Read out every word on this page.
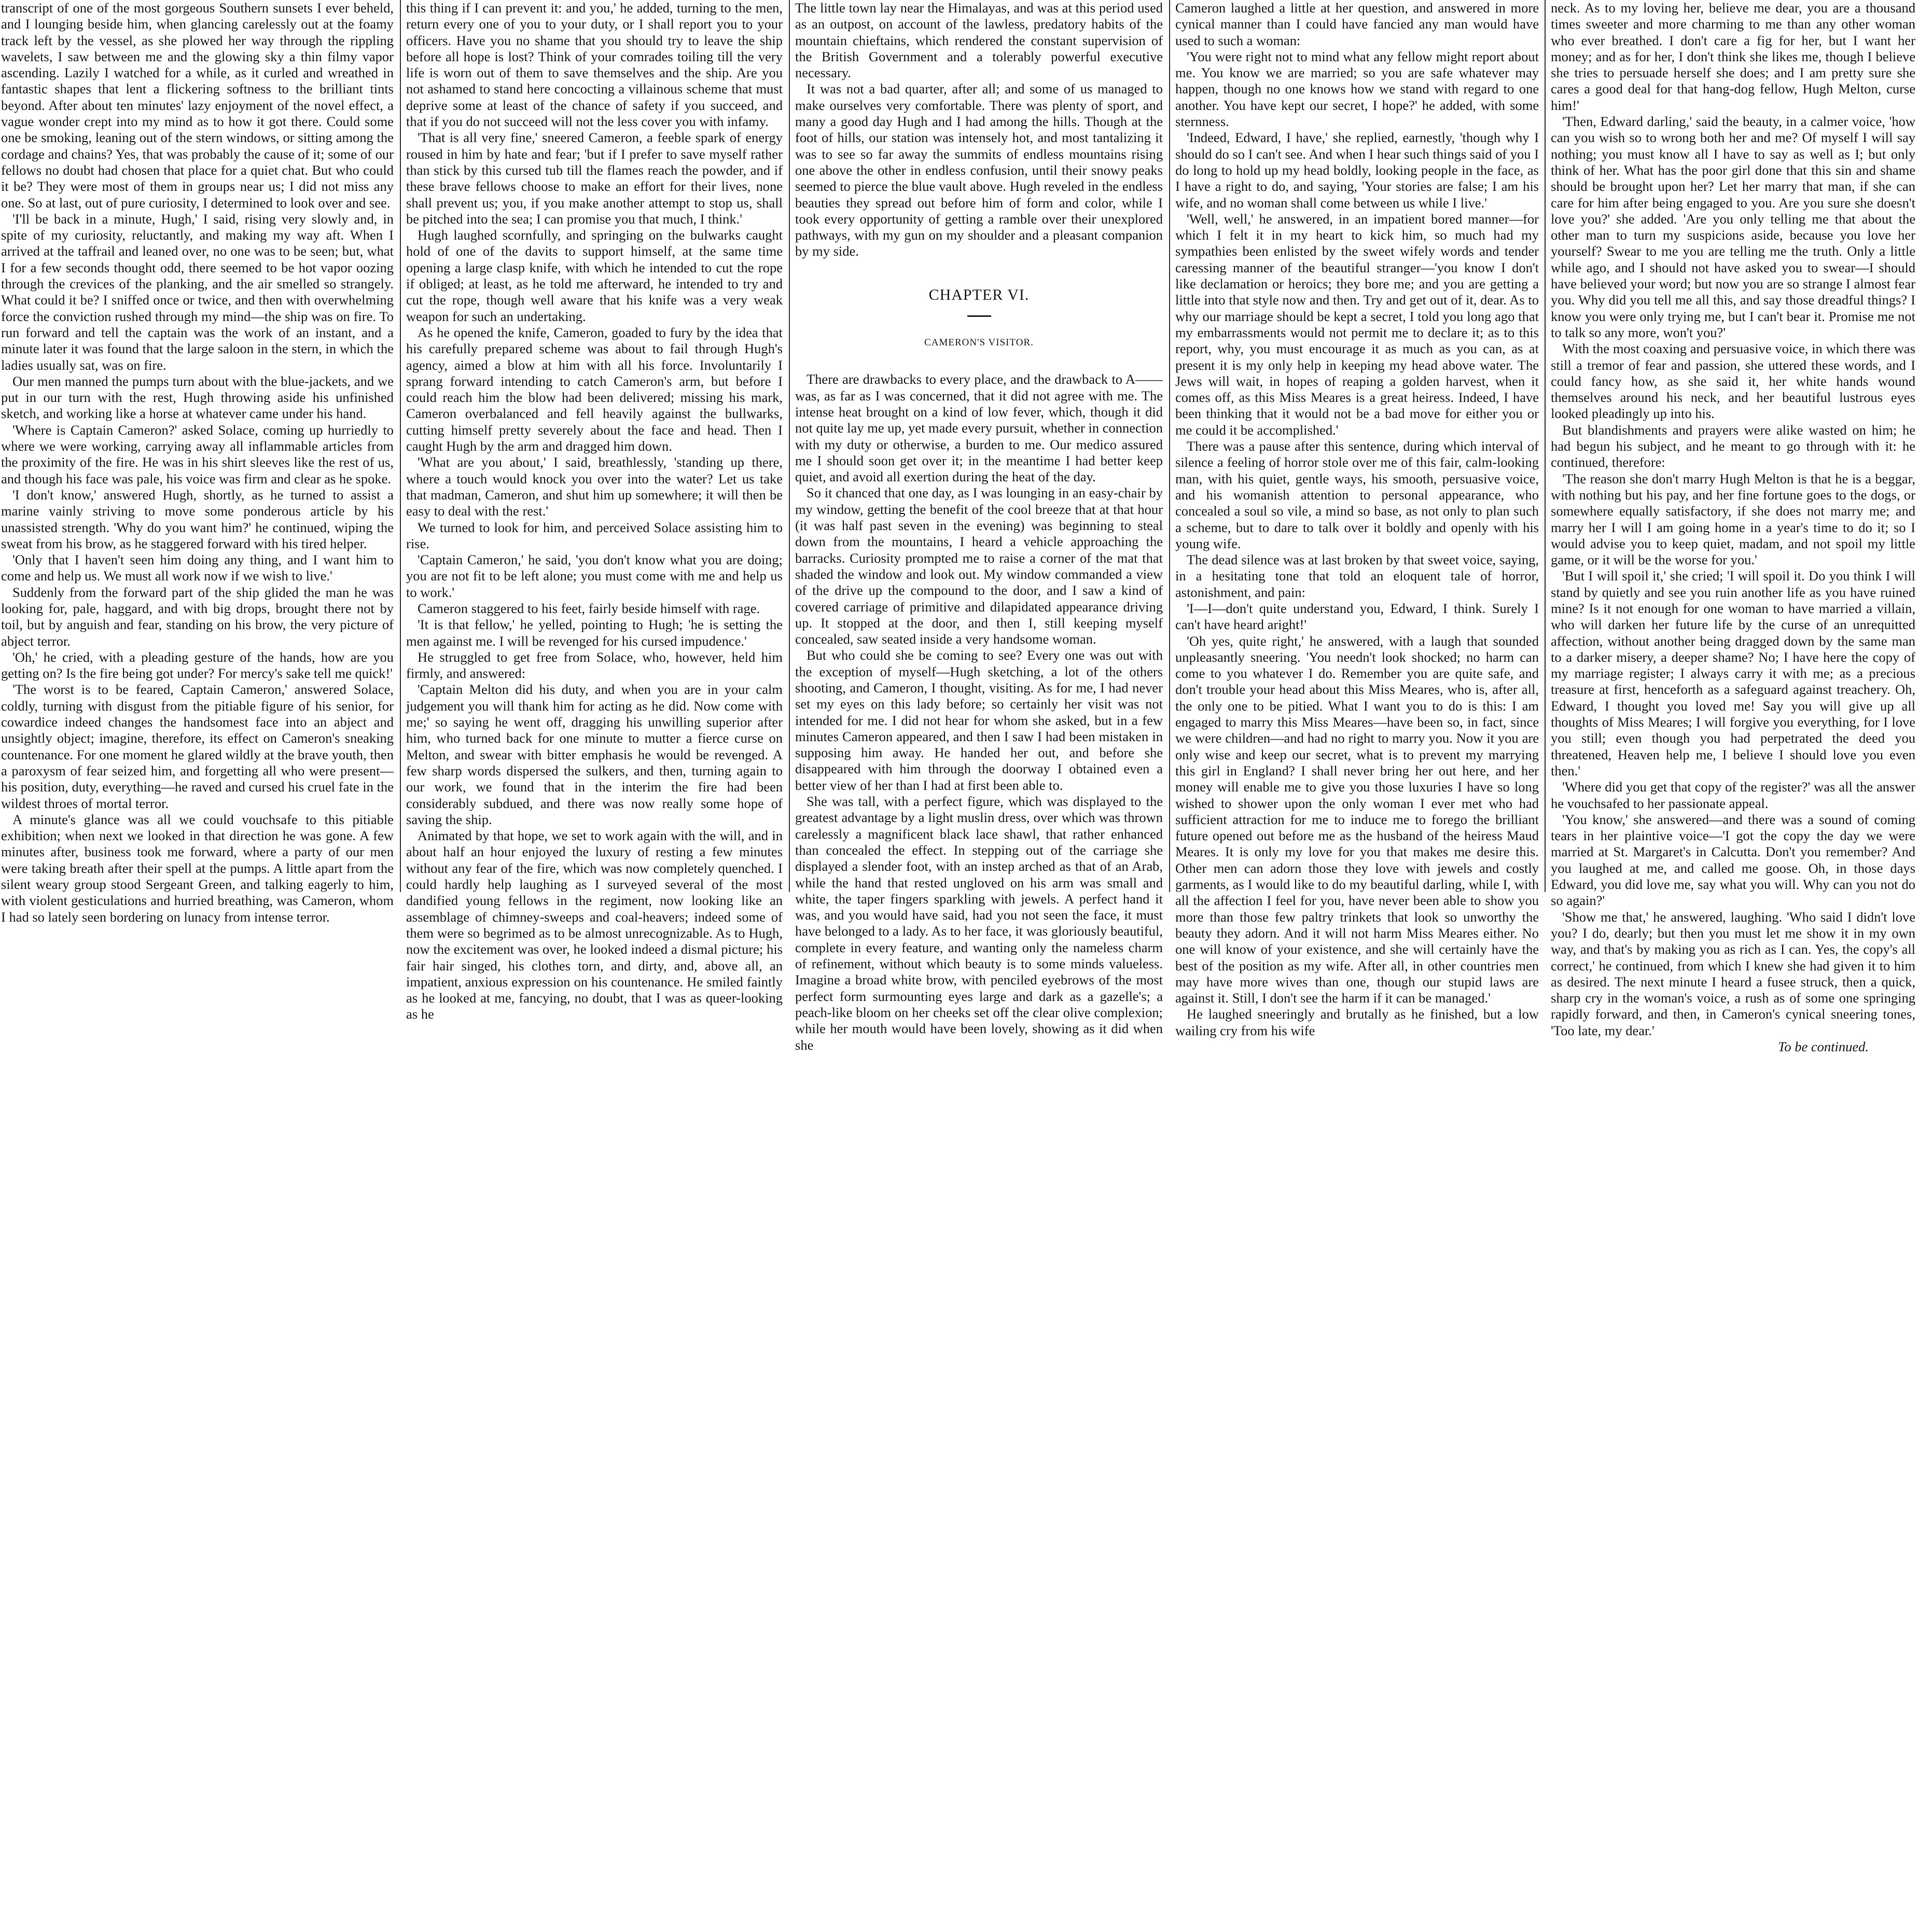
transcript of one of the most gorgeous Southern sunsets I ever beheld, and I lounging beside him, when glancing carelessly out at the foamy track left by the vessel, as she plowed her way through the rippling wavelets, I saw between me and the glowing sky a thin filmy vapor ascending. Lazily I watched for a while, as it curled and wreathed in fantastic shapes that lent a flickering softness to the brilliant tints beyond. After about ten minutes' lazy enjoyment of the novel effect, a vague wonder crept into my mind as to how it got there. Could some one be smoking, leaning out of the stern windows, or sitting among the cordage and chains? Yes, that was probably the cause of it; some of our fellows no doubt had chosen that place for a quiet chat. But who could it be? They were most of them in groups near us; I did not miss any one. So at last, out of pure curiosity, I determined to look over and see.

'I'll be back in a minute, Hugh,' I said, rising very slowly and, in spite of my curiosity, reluctantly, and making my way aft. When I arrived at the taffrail and leaned over, no one was to be seen; but, what I for a few seconds thought odd, there seemed to be hot vapor oozing through the crevices of the planking, and the air smelled so strangely. What could it be? I sniffed once or twice, and then with overwhelming force the conviction rushed through my mind—the ship was on fire. To run forward and tell the captain was the work of an instant, and a minute later it was found that the large saloon in the stern, in which the ladies usually sat, was on fire.

Our men manned the pumps turn about with the blue-jackets, and we put in our turn with the rest, Hugh throwing aside his unfinished sketch, and working like a horse at whatever came under his hand.

'Where is Captain Cameron?' asked Solace, coming up hurriedly to where we were working, carrying away all inflammable articles from the proximity of the fire. He was in his shirt sleeves like the rest of us, and though his face was pale, his voice was firm and clear as he spoke.

'I don't know,' answered Hugh, shortly, as he turned to assist a marine vainly striving to move some ponderous article by his unassisted strength. 'Why do you want him?' he continued, wiping the sweat from his brow, as he staggered forward with his tired helper.

'Only that I haven't seen him doing any thing, and I want him to come and help us. We must all work now if we wish to live.'

Suddenly from the forward part of the ship glided the man he was looking for, pale, haggard, and with big drops, brought there not by toil, but by anguish and fear, standing on his brow, the very picture of abject terror.

'Oh,' he cried, with a pleading gesture of the hands, how are you getting on? Is the fire being got under? For mercy's sake tell me quick!'

'The worst is to be feared, Captain Cameron,' answered Solace, coldly, turning with disgust from the pitiable figure of his senior, for cowardice indeed changes the handsomest face into an abject and unsightly object; imagine, therefore, its effect on Cameron's sneaking countenance. For one moment he glared wildly at the brave youth, then a paroxysm of fear seized him, and forgetting all who were present—his position, duty, everything—he raved and cursed his cruel fate in the wildest throes of mortal terror.

A minute's glance was all we could vouchsafe to this pitiable exhibition; when next we looked in that direction he was gone. A few minutes after, business took me forward, where a party of our men were taking breath after their spell at the pumps. A little apart from the silent weary group stood Sergeant Green, and talking eagerly to him, with violent gesticulations and hurried breathing, was Cameron, whom I had so lately seen bordering on lunacy from intense terror.

this thing if I can prevent it: and you,' he added, turning to the men, return every one of you to your duty, or I shall report you to your officers. Have you no shame that you should try to leave the ship before all hope is lost? Think of your comrades toiling till the very life is worn out of them to save themselves and the ship. Are you not ashamed to stand here concocting a villainous scheme that must deprive some at least of the chance of safety if you succeed, and that if you do not succeed will not the less cover you with infamy.

'That is all very fine,' sneered Cameron, a feeble spark of energy roused in him by hate and fear; 'but if I prefer to save myself rather than stick by this cursed tub till the flames reach the powder, and if these brave fellows choose to make an effort for their lives, none shall prevent us; you, if you make another attempt to stop us, shall be pitched into the sea; I can promise you that much, I think.'

Hugh laughed scornfully, and springing on the bulwarks caught hold of one of the davits to support himself, at the same time opening a large clasp knife, with which he intended to cut the rope if obliged; at least, as he told me afterward, he intended to try and cut the rope, though well aware that his knife was a very weak weapon for such an undertaking.

As he opened the knife, Cameron, goaded to fury by the idea that his carefully prepared scheme was about to fail through Hugh's agency, aimed a blow at him with all his force. Involuntarily I sprang forward intending to catch Cameron's arm, but before I could reach him the blow had been delivered; missing his mark, Cameron overbalanced and fell heavily against the bullwarks, cutting himself pretty severely about the face and head. Then I caught Hugh by the arm and dragged him down.

'What are you about,' I said, breathlessly, 'standing up there, where a touch would knock you over into the water? Let us take that madman, Cameron, and shut him up somewhere; it will then be easy to deal with the rest.'

We turned to look for him, and perceived Solace assisting him to rise.

'Captain Cameron,' he said, 'you don't know what you are doing; you are not fit to be left alone; you must come with me and help us to work.'

Cameron staggered to his feet, fairly beside himself with rage.

'It is that fellow,' he yelled, pointing to Hugh; 'he is setting the men against me. I will be revenged for his cursed impudence.'

He struggled to get free from Solace, who, however, held him firmly, and answered:

'Captain Melton did his duty, and when you are in your calm judgement you will thank him for acting as he did. Now come with me;' so saying he went off, dragging his unwilling superior after him, who turned back for one minute to mutter a fierce curse on Melton, and swear with bitter emphasis he would be revenged. A few sharp words dispersed the sulkers, and then, turning again to our work, we found that in the interim the fire had been considerably subdued, and there was now really some hope of saving the ship.

Animated by that hope, we set to work again with the will, and in about half an hour enjoyed the luxury of resting a few minutes without any fear of the fire, which was now completely quenched. I could hardly help laughing as I surveyed several of the most dandified young fellows in the regiment, now looking like an assemblage of chimney-sweeps and coal-heavers; indeed some of them were so begrimed as to be almost unrecognizable. As to Hugh, now the excitement was over, he looked indeed a dismal picture; his fair hair singed, his clothes torn, and dirty, and, above all, an impatient, anxious expression on his countenance. He smiled faintly as he looked at me, fancying, no doubt, that I was as queer-looking as he

The little town lay near the Himalayas, and was at this period used as an outpost, on account of the lawless, predatory habits of the mountain chieftains, which rendered the constant supervision of the British Government and a tolerably powerful executive necessary.

It was not a bad quarter, after all; and some of us managed to make ourselves very comfortable. There was plenty of sport, and many a good day Hugh and I had among the hills. Though at the foot of hills, our station was intensely hot, and most tantalizing it was to see so far away the summits of endless mountains rising one above the other in endless confusion, until their snowy peaks seemed to pierce the blue vault above. Hugh reveled in the endless beauties they spread out before him of form and color, while I took every opportunity of getting a ramble over their unexplored pathways, with my gun on my shoulder and a pleasant companion by my side.

CHAPTER VI.

CAMERON'S VISITOR.

There are drawbacks to every place, and the drawback to A—— was, as far as I was concerned, that it did not agree with me. The intense heat brought on a kind of low fever, which, though it did not quite lay me up, yet made every pursuit, whether in connection with my duty or otherwise, a burden to me. Our medico assured me I should soon get over it; in the meantime I had better keep quiet, and avoid all exertion during the heat of the day.

So it chanced that one day, as I was lounging in an easy-chair by my window, getting the benefit of the cool breeze that at that hour (it was half past seven in the evening) was beginning to steal down from the mountains, I heard a vehicle approaching the barracks. Curiosity prompted me to raise a corner of the mat that shaded the window and look out. My window commanded a view of the drive up the compound to the door, and I saw a kind of covered carriage of primitive and dilapidated appearance driving up. It stopped at the door, and then I, still keeping myself concealed, saw seated inside a very handsome woman.

But who could she be coming to see? Every one was out with the exception of myself—Hugh sketching, a lot of the others shooting, and Cameron, I thought, visiting. As for me, I had never set my eyes on this lady before; so certainly her visit was not intended for me. I did not hear for whom she asked, but in a few minutes Cameron appeared, and then I saw I had been mistaken in supposing him away. He handed her out, and before she disappeared with him through the doorway I obtained even a better view of her than I had at first been able to.

She was tall, with a perfect figure, which was displayed to the greatest advantage by a light muslin dress, over which was thrown carelessly a magnificent black lace shawl, that rather enhanced than concealed the effect. In stepping out of the carriage she displayed a slender foot, with an instep arched as that of an Arab, while the hand that rested ungloved on his arm was small and white, the taper fingers sparkling with jewels. A perfect hand it was, and you would have said, had you not seen the face, it must have belonged to a lady. As to her face, it was gloriously beautiful, complete in every feature, and wanting only the nameless charm of refinement, without which beauty is to some minds valueless. Imagine a broad white brow, with penciled eyebrows of the most perfect form surmounting eyes large and dark as a gazelle's; a peach-like bloom on her cheeks set off the clear olive complexion; while her mouth would have been lovely, showing as it did when she

Cameron laughed a little at her question, and answered in more cynical manner than I could have fancied any man would have used to such a woman:

'You were right not to mind what any fellow might report about me. You know we are married; so you are safe whatever may happen, though no one knows how we stand with regard to one another. You have kept our secret, I hope?' he added, with some sternness.

'Indeed, Edward, I have,' she replied, earnestly, 'though why I should do so I can't see. And when I hear such things said of you I do long to hold up my head boldly, looking people in the face, as I have a right to do, and saying, 'Your stories are false; I am his wife, and no woman shall come between us while I live.'

'Well, well,' he answered, in an impatient bored manner—for which I felt it in my heart to kick him, so much had my sympathies been enlisted by the sweet wifely words and tender caressing manner of the beautiful stranger—'you know I don't like declamation or heroics; they bore me; and you are getting a little into that style now and then. Try and get out of it, dear. As to why our marriage should be kept a secret, I told you long ago that my embarrassments would not permit me to declare it; as to this report, why, you must encourage it as much as you can, as at present it is my only help in keeping my head above water. The Jews will wait, in hopes of reaping a golden harvest, when it comes off, as this Miss Meares is a great heiress. Indeed, I have been thinking that it would not be a bad move for either you or me could it be accomplished.'

There was a pause after this sentence, during which interval of silence a feeling of horror stole over me of this fair, calm-looking man, with his quiet, gentle ways, his smooth, persuasive voice, and his womanish attention to personal appearance, who concealed a soul so vile, a mind so base, as not only to plan such a scheme, but to dare to talk over it boldly and openly with his young wife.

The dead silence was at last broken by that sweet voice, saying, in a hesitating tone that told an eloquent tale of horror, astonishment, and pain:

'I—I—don't quite understand you, Edward, I think. Surely I can't have heard aright!'

'Oh yes, quite right,' he answered, with a laugh that sounded unpleasantly sneering. 'You needn't look shocked; no harm can come to you whatever I do. Remember you are quite safe, and don't trouble your head about this Miss Meares, who is, after all, the only one to be pitied. What I want you to do is this: I am engaged to marry this Miss Meares—have been so, in fact, since we were children—and had no right to marry you. Now it you are only wise and keep our secret, what is to prevent my marrying this girl in England? I shall never bring her out here, and her money will enable me to give you those luxuries I have so long wished to shower upon the only woman I ever met who had sufficient attraction for me to induce me to forego the brilliant future opened out before me as the husband of the heiress Maud Meares. It is only my love for you that makes me desire this. Other men can adorn those they love with jewels and costly garments, as I would like to do my beautiful darling, while I, with all the affection I feel for you, have never been able to show you more than those few paltry trinkets that look so unworthy the beauty they adorn. And it will not harm Miss Meares either. No one will know of your existence, and she will certainly have the best of the position as my wife. After all, in other countries men may have more wives than one, though our stupid laws are against it. Still, I don't see the harm if it can be managed.'

He laughed sneeringly and brutally as he finished, but a low wailing cry from his wife

neck. As to my loving her, believe me dear, you are a thousand times sweeter and more charming to me than any other woman who ever breathed. I don't care a fig for her, but I want her money; and as for her, I don't think she likes me, though I believe she tries to persuade herself she does; and I am pretty sure she cares a good deal for that hang-dog fellow, Hugh Melton, curse him!'

'Then, Edward darling,' said the beauty, in a calmer voice, 'how can you wish so to wrong both her and me? Of myself I will say nothing; you must know all I have to say as well as I; but only think of her. What has the poor girl done that this sin and shame should be brought upon her? Let her marry that man, if she can care for him after being engaged to you. Are you sure she doesn't love you?' she added. 'Are you only telling me that about the other man to turn my suspicions aside, because you love her yourself? Swear to me you are telling me the truth. Only a little while ago, and I should not have asked you to swear—I should have believed your word; but now you are so strange I almost fear you. Why did you tell me all this, and say those dreadful things? I know you were only trying me, but I can't bear it. Promise me not to talk so any more, won't you?'

With the most coaxing and persuasive voice, in which there was still a tremor of fear and passion, she uttered these words, and I could fancy how, as she said it, her white hands wound themselves around his neck, and her beautiful lustrous eyes looked pleadingly up into his.

But blandishments and prayers were alike wasted on him; he had begun his subject, and he meant to go through with it: he continued, therefore:

'The reason she don't marry Hugh Melton is that he is a beggar, with nothing but his pay, and her fine fortune goes to the dogs, or somewhere equally satisfactory, if she does not marry me; and marry her I will I am going home in a year's time to do it; so I would advise you to keep quiet, madam, and not spoil my little game, or it will be the worse for you.'

'But I will spoil it,' she cried; 'I will spoil it. Do you think I will stand by quietly and see you ruin another life as you have ruined mine? Is it not enough for one woman to have married a villain, who will darken her future life by the curse of an unrequitted affection, without another being dragged down by the same man to a darker misery, a deeper shame? No; I have here the copy of my marriage register; I always carry it with me; as a precious treasure at first, henceforth as a safeguard against treachery. Oh, Edward, I thought you loved me! Say you will give up all thoughts of Miss Meares; I will forgive you everything, for I love you still; even though you had perpetrated the deed you threatened, Heaven help me, I believe I should love you even then.'

'Where did you get that copy of the register?' was all the answer he vouchsafed to her passionate appeal.

'You know,' she answered—and there was a sound of coming tears in her plaintive voice—'I got the copy the day we were married at St. Margaret's in Calcutta. Don't you remember? And you laughed at me, and called me goose. Oh, in those days Edward, you did love me, say what you will. Why can you not do so again?'

'Show me that,' he answered, laughing. 'Who said I didn't love you? I do, dearly; but then you must let me show it in my own way, and that's by making you as rich as I can. Yes, the copy's all correct,' he continued, from which I knew she had given it to him as desired. The next minute I heard a fusee struck, then a quick, sharp cry in the woman's voice, a rush as of some one springing rapidly forward, and then, in Cameron's cynical sneering tones, 'Too late, my dear.'

To be continued.
